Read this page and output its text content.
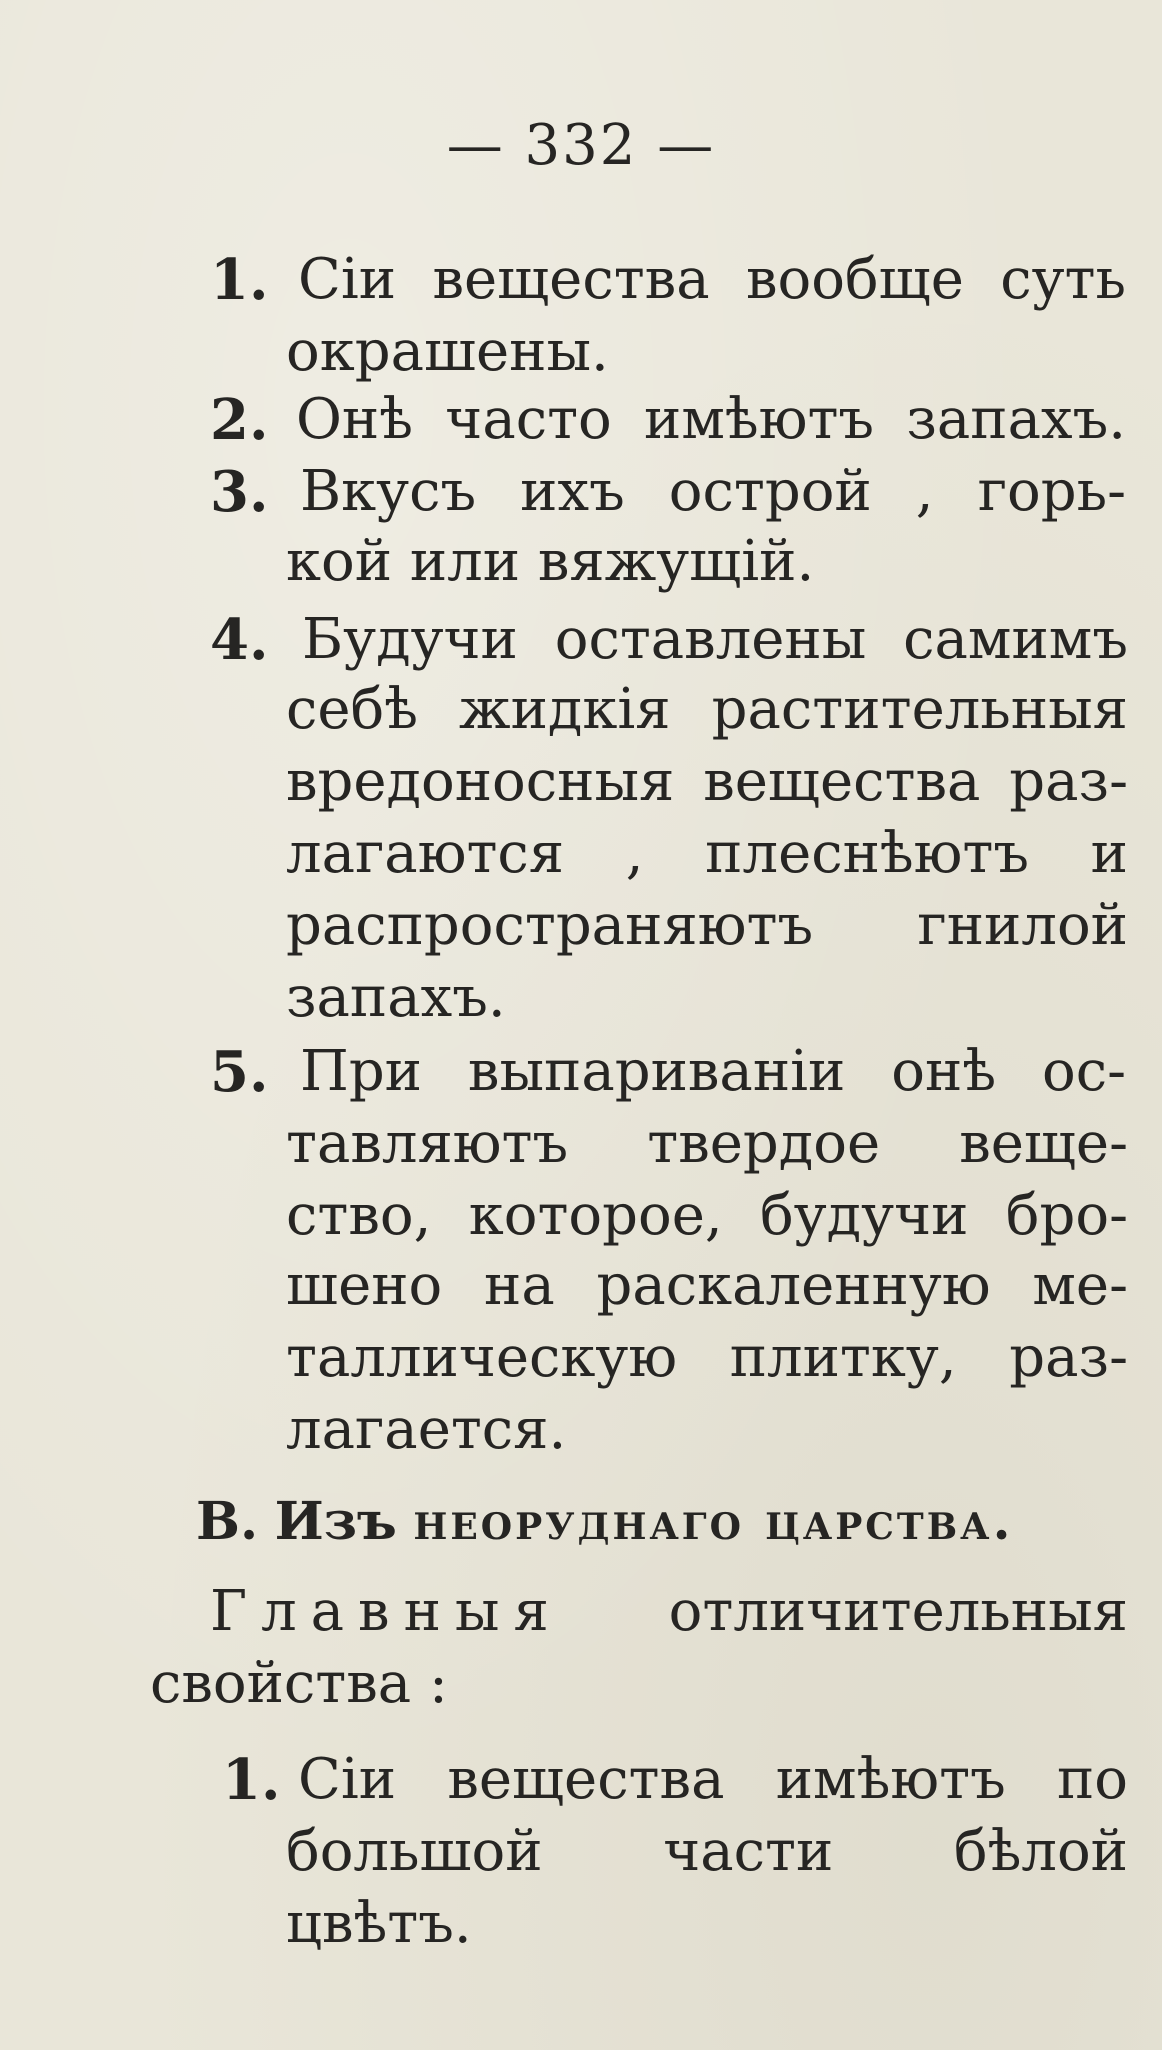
— 332 —
1. Сіи вещества вообще суть
окрашены.
2. Онѣ часто имѣютъ запахъ.
3. Вкусъ ихъ острой , горь-
кой или вяжущій.
4. Будучи оставлены самимъ
себѣ жидкія растительныя
вредоносныя вещества раз-
лагаются , плеснѣютъ и
распространяютъ гнилой
запахъ.
5. При выпариваніи онѣ ос-
тавляютъ твердое веще-
ство, которое, будучи бро-
шено на раскаленную ме-
таллическую плитку, раз-
лагается.
В. Изъ неоруднаго царства.
Главныя отличительныя
свойства :
1. Сіи вещества имѣютъ по
большой части бѣлой
цвѣтъ.
